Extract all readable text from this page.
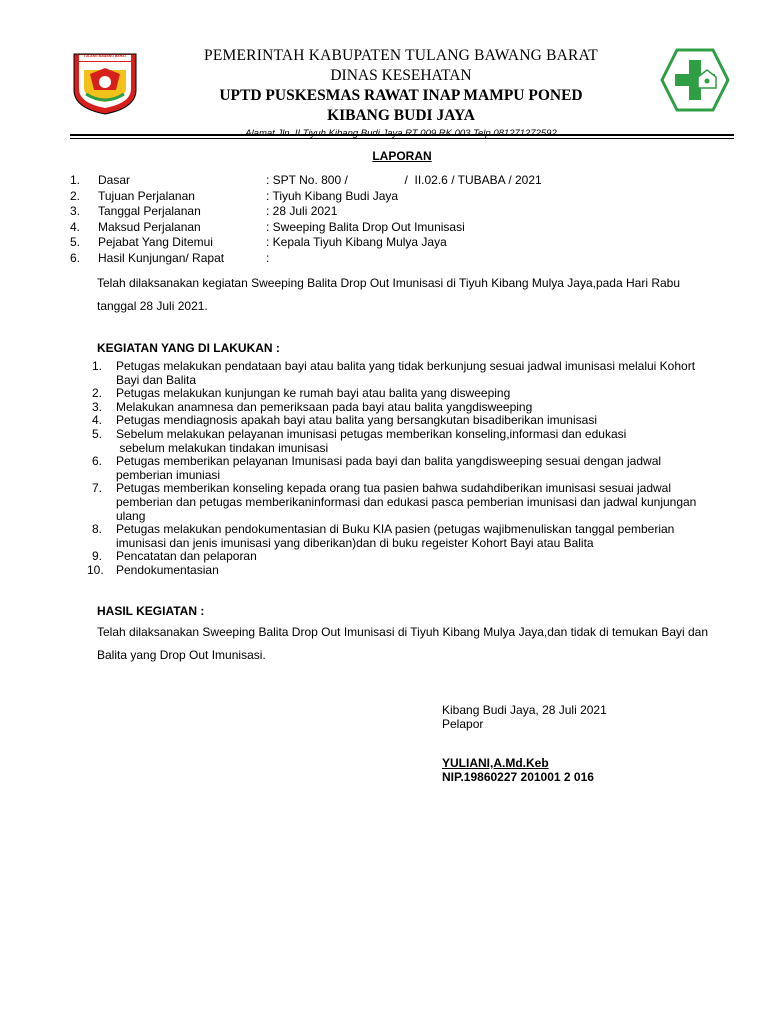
TULANG BAWANG BARAT	PEMERINTAH KABUPATEN TULANG BAWANG BARAT
DINAS KESEHATAN
UPTD PUSKESMAS RAWAT INAP MAMPU PONED
KIBANG BUDI JAYA
Alamat Jln. II Tiyuh Kibang Budi Jaya RT 009 RK 003 Telp.081271272592
LAPORAN
1. Dasar	: SPT No. 800 /                 /  II.02.6 / TUBABA / 2021
2. Tujuan Perjalanan	: Tiyuh Kibang Budi Jaya
3. Tanggal Perjalanan	: 28 Juli 2021
4. Maksud Perjalanan	: Sweeping Balita Drop Out Imunisasi
5. Pejabat Yang Ditemui	: Kepala Tiyuh Kibang Mulya Jaya
6. Hasil Kunjungan/ Rapat	:
Telah dilaksanakan kegiatan Sweeping Balita Drop Out Imunisasi di Tiyuh Kibang Mulya Jaya,pada Hari Rabu
tanggal 28 Juli 2021.
KEGIATAN YANG DI LAKUKAN :
1. Petugas melakukan pendataan bayi atau balita yang tidak berkunjung sesuai jadwal imunisasi melalui Kohort
Bayi dan Balita
2. Petugas melakukan kunjungan ke rumah bayi atau balita yang disweeping
3. Melakukan anamnesa dan pemeriksaan pada bayi atau balita yangdisweeping
4. Petugas mendiagnosis apakah bayi atau balita yang bersangkutan bisadiberikan imunisasi
5. Sebelum melakukan pelayanan imunisasi petugas memberikan konseling,informasi dan edukasi
sebelum melakukan tindakan imunisasi
6. Petugas memberikan pelayanan Imunisasi pada bayi dan balita yangdisweeping sesuai dengan jadwal
pemberian imuniasi
7. Petugas memberikan konseling kepada orang tua pasien bahwa sudahdiberikan imunisasi sesuai jadwal
pemberian dan petugas memberikaninformasi dan edukasi pasca pemberian imunisasi dan jadwal kunjungan
ulang
8. Petugas melakukan pendokumentasian di Buku KIA pasien (petugas wajibmenuliskan tanggal pemberian
imunisasi dan jenis imunisasi yang diberikan)dan di buku regeister Kohort Bayi atau Balita
9. Pencatatan dan pelaporan
10. Pendokumentasian
HASIL KEGIATAN :
Telah dilaksanakan Sweeping Balita Drop Out Imunisasi di Tiyuh Kibang Mulya Jaya,dan tidak di temukan Bayi dan
Balita yang Drop Out Imunisasi.
Kibang Budi Jaya, 28 Juli 2021
Pelapor
YULIANI,A.Md.Keb
NIP.19860227 201001 2 016
